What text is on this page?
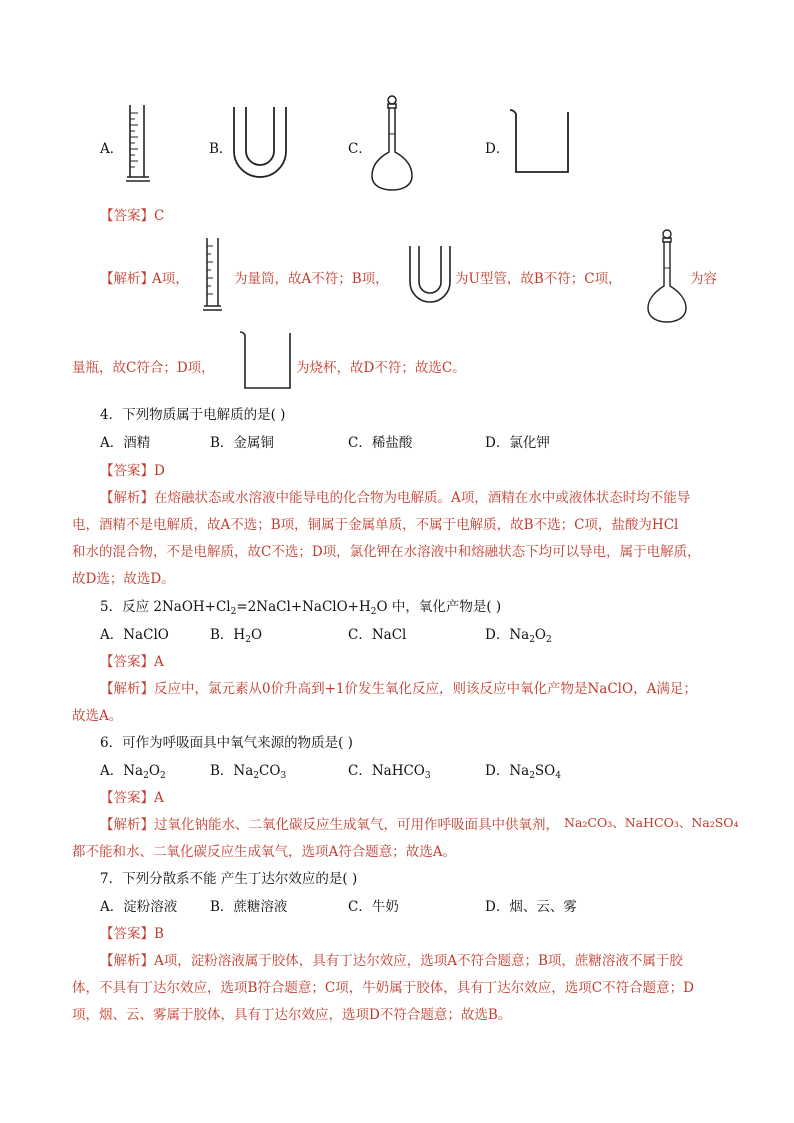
A．	B．	C．	D．
【答案】C
【解析】
A项，	为量筒，故A不符；B项，	为U型管，故B不符；C项，	为容
量瓶，故C符合；D项，	为烧杯，故D不符；故选C。
4．下列物质属于电解质的是( )
A．酒精	B．金属铜	C．稀盐酸	D．氯化钾
【答案】D
【解析】在熔融状态或水溶液中能导电的化合物为电解质。A项，酒精在水中或液体状态时均不能导
电，酒精不是电解质，故A不选；B项，铜属于金属单质，不属于电解质，故B不选；C项，盐酸为HCl
和水的混合物，不是电解质，故C不选；D项，氯化钾在水溶液中和熔融状态下均可以导电，属于电解质，
故D选；故选D。
5．反应 $2NaOH+Cl_2=2NaCl+NaClO+H_2O$ 中，氧化产物是( )
A．NaClO	B．$H_2O$	C．NaCl	D．$Na_2O_2$
【答案】A
【解析】反应中，氯元素从0价升高到+1价发生氧化反应，则该反应中氧化产物是NaClO，A满足；
故选A。
6．可作为呼吸面具中氧气来源的物质是( )
A．$Na_2O_2$	B．$Na_2CO_3$	C．NaHCO$_3$	D．$Na_2SO_4$
【答案】A
【解析】过氧化钠能水、二氧化碳反应生成氧气，可用作呼吸面具中供氧剂， Na₂CO₃、NaHCO₃、Na₂SO₄
都不能和水、二氧化碳反应生成氧气，选项A符合题意；故选A。
7．下列分散系不能 产生丁达尔效应的是( )
A．淀粉溶液 B．蔗糖溶液	C．牛奶	D．烟、云、雾
【答案】B
【解析】A项，淀粉溶液属于胶体，具有丁达尔效应，选项A不符合题意；B项，蔗糖溶液不属于胶
体，不具有丁达尔效应，选项B符合题意；C项，牛奶属于胶体，具有丁达尔效应，选项C不符合题意；D
项，烟、云、雾属于胶体，具有丁达尔效应，选项D不符合题意；故选B。
